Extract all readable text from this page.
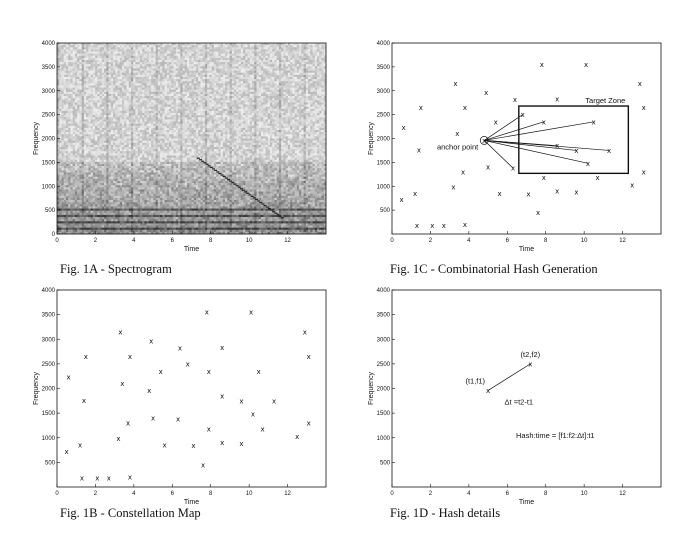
0	2	4	6	8	10	12
0
500
1000
1500
2000
2500
3000
3500
4000
Time
Frequency
Fig. 1A - Spectrogram
0	2	4	6	8	10	12
500
1000
1500
2000
2500
3000
3500
4000
Time
Frequency
Target Zone
anchor point
x
x
x
x
x
x
x x
x
x
x
x
x
x
x
x
x
x
x
x
x
x
x
x
x
x
x
x
x
x
x
x
x
x
x
x
x
x
x
x
x
Fig. 1C - Combinatorial Hash Generation
0	2	4	6	8	10	12
500
1000
1500
2000
2500
3000
3500
4000
Time
Frequency
x
x
x
x
x
x
x x
x
x
x
x
x
x
x
x
x
x
x
x
x
x
x
x
x
x
x
x
x
x
x
x
x
x
x
x
x
x
x
x
x
Fig. 1B - Constellation Map
0	2	4	6	8	10	12
500
1000
1500
2000
2500
3000
3500
4000
Time
Frequency	x
x
(t1,f1)
(t2,f2)
Δt =t2-t1
Hash:time = [f1:f2:Δt]:t1
Fig. 1D - Hash details
